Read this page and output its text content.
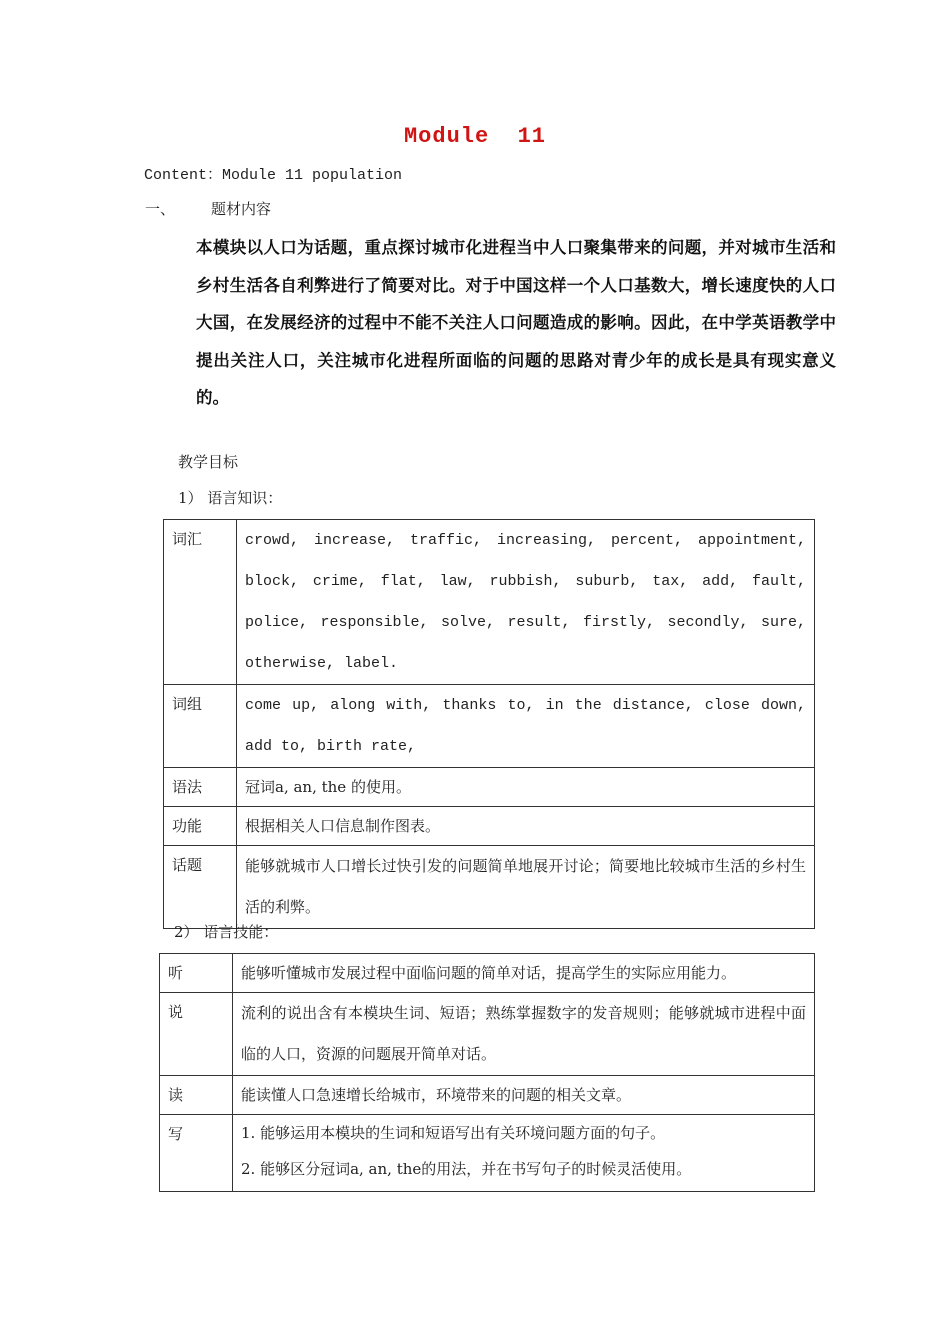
Module  11
Content：Module 11 population
一、 题材内容
本模块以人口为话题，重点探讨城市化进程当中人口聚集带来的问题，并对城市生活和乡村生活各自利弊进行了简要对比。对于中国这样一个人口基数大，增长速度快的人口大国，在发展经济的过程中不能不关注人口问题造成的影响。因此，在中学英语教学中提出关注人口，关注城市化进程所面临的问题的思路对青少年的成长是具有现实意义的。
教学目标
1） 语言知识：
词汇	crowd, increase, traffic, increasing, percent, appointment, block, crime, flat, law, rubbish, suburb, tax, add, fault, police, responsible, solve, result, firstly, secondly, sure, otherwise, label.
词组	come up, along with, thanks to, in the distance, close down, add to, birth rate,
语法	冠词a, an, the 的使用。
功能	根据相关人口信息制作图表。
话题	能够就城市人口增长过快引发的问题简单地展开讨论；简要地比较城市生活的乡村生活的利弊。
2） 语言技能：
听	能够听懂城市发展过程中面临问题的简单对话，提高学生的实际应用能力。
说	流利的说出含有本模块生词、短语；熟练掌握数字的发音规则；能够就城市进程中面临的人口，资源的问题展开简单对话。
读	能读懂人口急速增长给城市，环境带来的问题的相关文章。
写	1. 能够运用本模块的生词和短语写出有关环境问题方面的句子。
2. 能够区分冠词a, an, the的用法，并在书写句子的时候灵活使用。
